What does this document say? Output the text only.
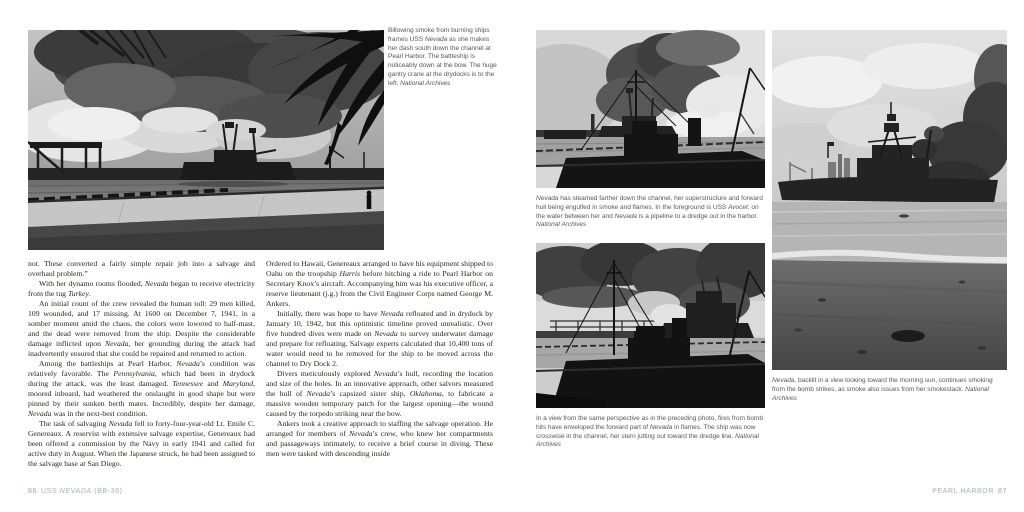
Billowing smoke from burning ships frames USS Nevada as she makes her dash south down the channel at Pearl Harbor. The battleship is noticeably down at the bow. The huge gantry crane at the drydocks is to the left. National Archives

not. These converted a fairly simple repair job into a salvage and overhaul problem.”

With her dynamo rooms flooded, Nevada began to receive electricity from the tug Turkey.

An initial count of the crew revealed the human toll: 29 men killed, 109 wounded, and 17 missing. At 1600 on December 7, 1941, in a somber moment amid the chaos, the colors were lowered to half-mast, and the dead were removed from the ship. Despite the considerable damage inflicted upon Nevada, her grounding during the attack had inadvertently ensured that she could be repaired and returned to action.

Among the battleships at Pearl Harbor, Nevada’s condition was relatively favorable. The Pennsylvania, which had been in drydock during the attack, was the least damaged. Tennessee and Maryland, moored inboard, had weathered the onslaught in good shape but were pinned by their sunken berth mates. Incredibly, despite her damage, Nevada was in the next-best condition.

The task of salvaging Nevada fell to forty-four-year-old Lt. Emile C. Genereaux. A reservist with extensive salvage expertise, Genereaux had been offered a commission by the Navy in early 1941 and called for active duty in August. When the Japanese struck, he had been assigned to the salvage base at San Diego.

Ordered to Hawaii, Genereaux arranged to have his equipment shipped to Oahu on the troopship Harris before hitching a ride to Pearl Harbor on Secretary Knox’s aircraft. Accompanying him was his executive officer, a reserve lieutenant (j.g.) from the Civil Engineer Corps named George M. Ankers.

Initially, there was hope to have Nevada refloated and in drydock by January 10, 1942, but this optimistic timeline proved unrealistic. Over five hundred dives were made on Nevada to survey underwater damage and prepare for refloating. Salvage experts calculated that 10,400 tons of water would need to be removed for the ship to be moved across the channel to Dry Dock 2.

Divers meticulously explored Nevada’s hull, recording the location and size of the holes. In an innovative approach, other salvors measured the hull of Nevada’s capsized sister ship, Oklahoma, to fabricate a massive wooden temporary patch for the largest opening—the wound caused by the torpedo striking near the bow.

Ankers took a creative approach to staffing the salvage operation. He arranged for members of Nevada’s crew, who knew her compartments and passageways intimately, to receive a brief course in diving. These men were tasked with descending inside

86 USS NEVADA (BB-36)
Nevada has steamed farther down the channel, her superstructure and forward hull being engulfed in smoke and flames. In the foreground is USS Avocet; on the water between her and Nevada is a pipeline to a dredge out in the harbor. National Archives
In a view from the same perspective as in the preceding photo, fires from bomb hits have enveloped the forward part of Nevada in flames. The ship was now crosswise in the channel, her stern jutting out toward the dredge line. National Archives
Nevada, backlit in a view looking toward the morning sun, continues smoking from the bomb strikes, as smoke also issues from her smokestack. National Archives
PEARL HARBOR 87
